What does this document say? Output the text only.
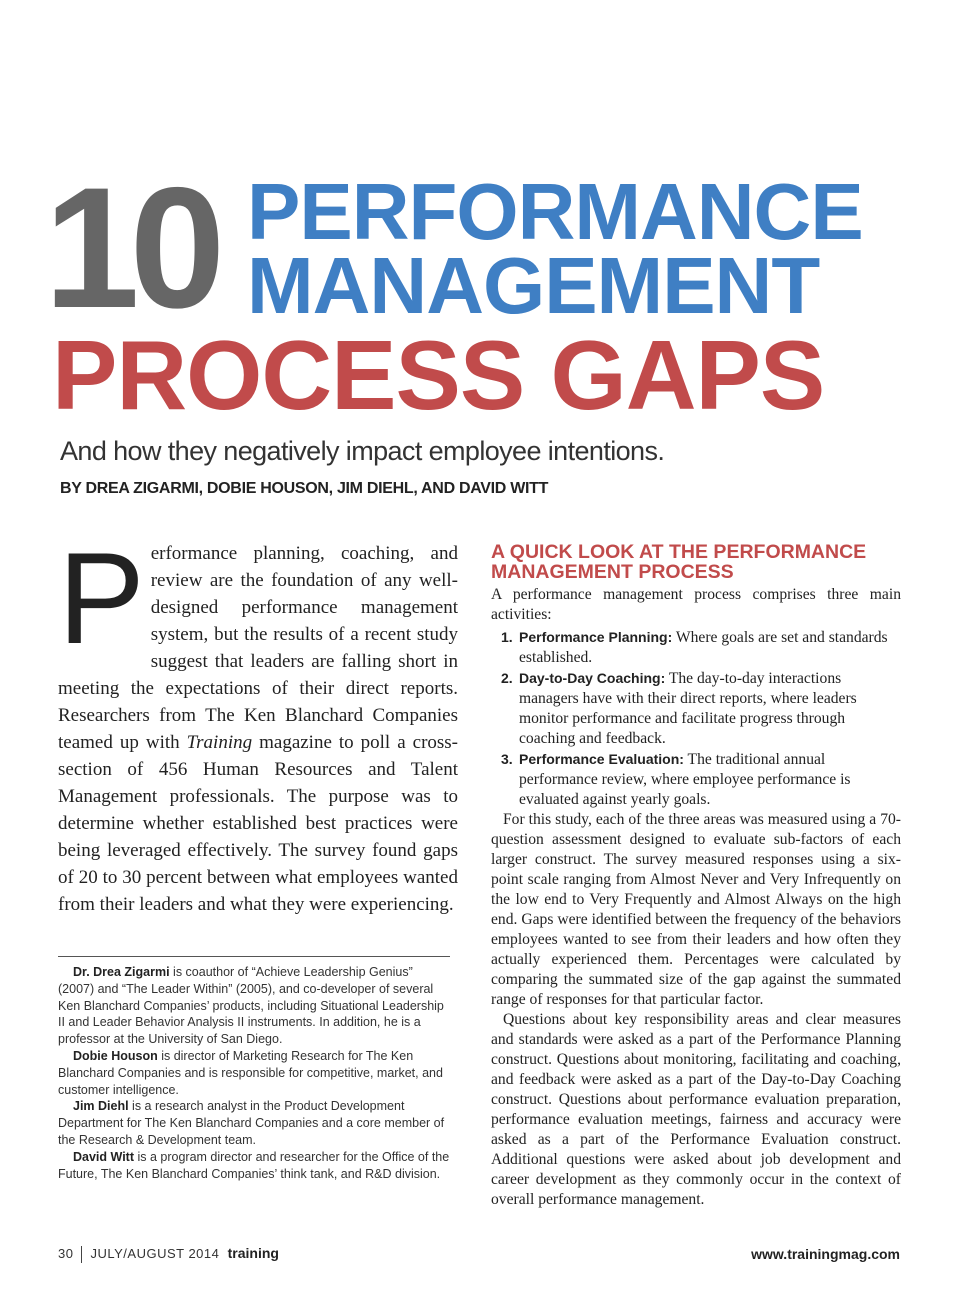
10 PERFORMANCE
MANAGEMENT
PROCESS GAPS
And how they negatively impact employee intentions.
BY DREA ZIGARMI, DOBIE HOUSON, JIM DIEHL, AND DAVID WITT
Performance planning, coaching, and review are the foundation of any well-designed performance management system, but the results of a recent study suggest that leaders are falling short in meeting the expectations of their direct reports. Researchers from The Ken Blanchard Companies teamed up with Training magazine to poll a cross-section of 456 Human Resources and Talent Management professionals. The purpose was to determine whether established best practices were being leveraged effectively. The survey found gaps of 20 to 30 percent between what employees wanted from their leaders and what they were experiencing.

Dr. Drea Zigarmi is coauthor of “Achieve Leadership Genius” (2007) and “The Leader Within” (2005), and co-developer of several Ken Blanchard Companies’ products, including Situational Leadership II and Leader Behavior Analysis II instruments. In addition, he is a professor at the University of San Diego.

Dobie Houson is director of Marketing Research for The Ken Blanchard Companies and is responsible for competitive, market, and customer intelligence.

Jim Diehl is a research analyst in the Product Development Department for The Ken Blanchard Companies and a core member of the Research & Development team.

David Witt is a program director and researcher for the Office of the Future, The Ken Blanchard Companies’ think tank, and R&D division.

A QUICK LOOK AT THE PERFORMANCE MANAGEMENT PROCESS

A performance management process comprises three main activities:

1. Performance Planning: Where goals are set and standards established.
2. Day-to-Day Coaching: The day-to-day interactions managers have with their direct reports, where leaders monitor performance and facilitate progress through coaching and feedback.
3. Performance Evaluation: The traditional annual performance review, where employee performance is evaluated against yearly goals.

For this study, each of the three areas was measured using a 70-question assessment designed to evaluate sub-factors of each larger construct. The survey measured responses using a six-point scale ranging from Almost Never and Very Infrequently on the low end to Very Frequently and Almost Always on the high end. Gaps were identified between the frequency of the behaviors employees wanted to see from their leaders and how often they actually experienced them. Percentages were calculated by comparing the summated size of the gap against the summated range of responses for that particular factor.

Questions about key responsibility areas and clear measures and standards were asked as a part of the Performance Planning construct. Questions about monitoring, facilitating and coaching, and feedback were asked as a part of the Day-to-Day Coaching construct. Questions about performance evaluation preparation, performance evaluation meetings, fairness and accuracy were asked as a part of the Performance Evaluation construct. Additional questions were asked about job development and career development as they commonly occur in the context of overall performance management.

30 JULY/AUGUST 2014 training	www.trainingmag.com
